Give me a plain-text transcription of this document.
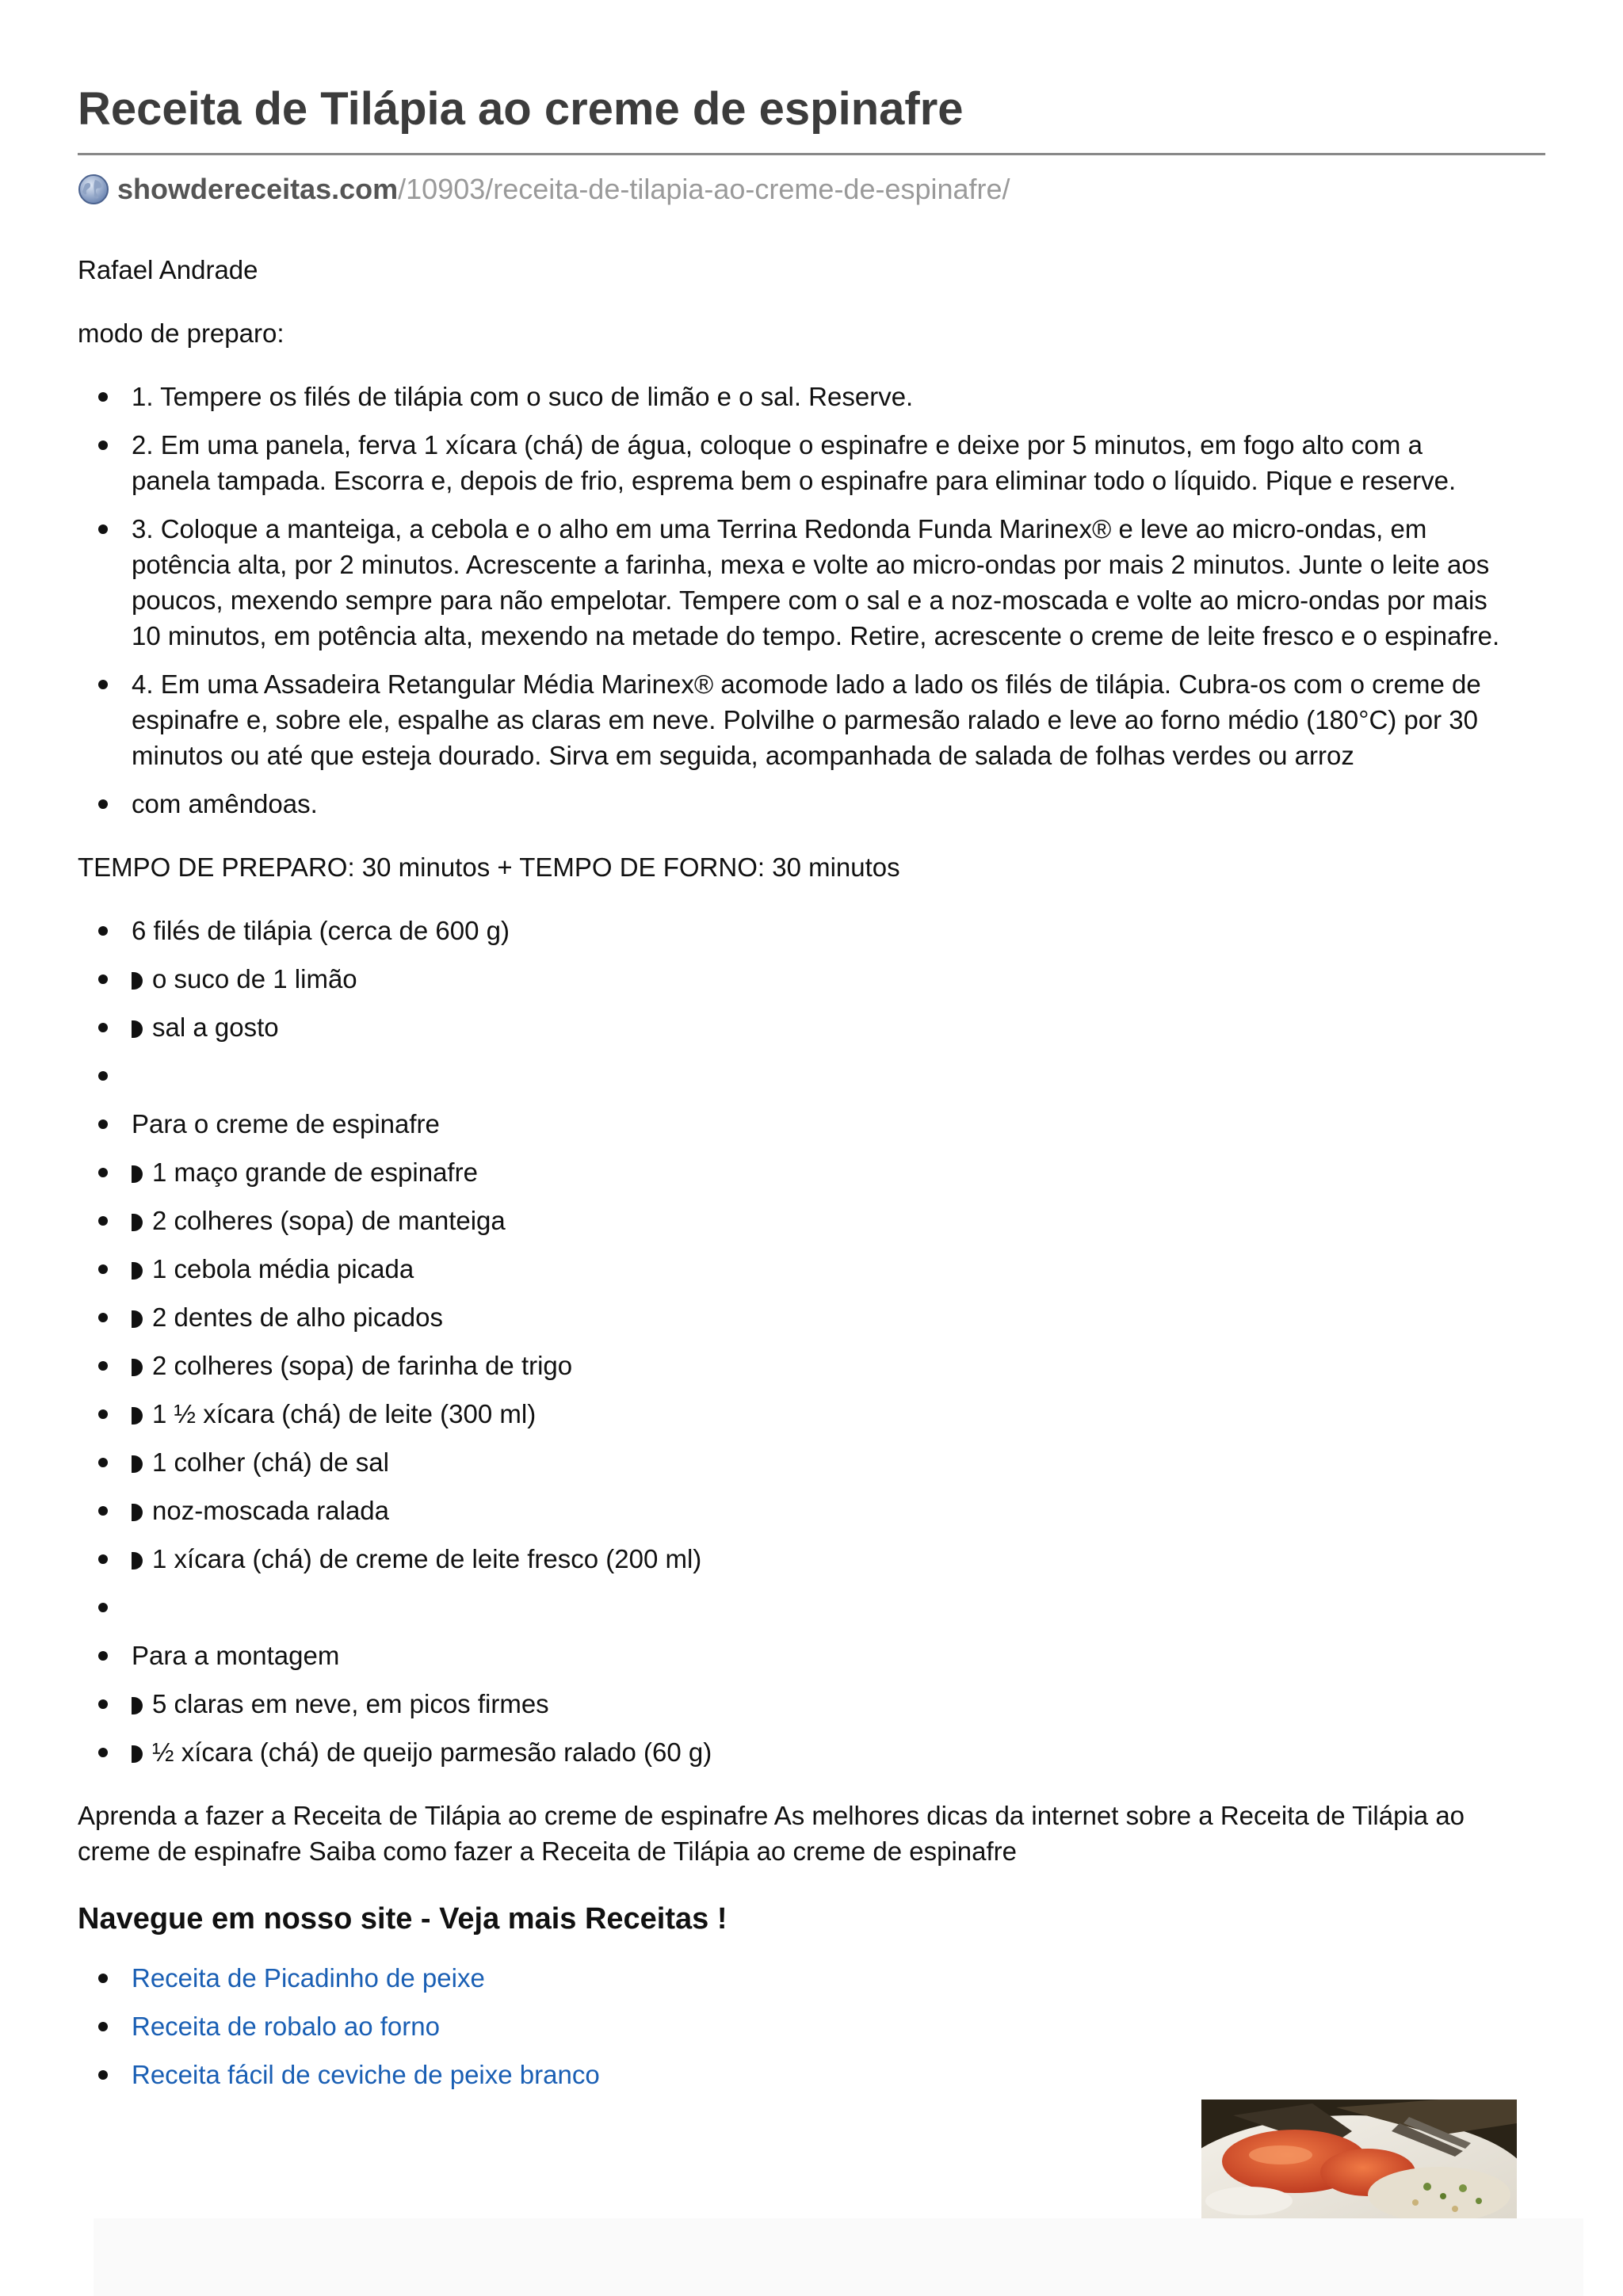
Receita de Tilápia ao creme de espinafre
showdereceitas.com /10903/receita-de-tilapia-ao-creme-de-espinafre/

Rafael Andrade

modo de preparo:

1. Tempere os filés de tilápia com o suco de limão e o sal. Reserve.
2. Em uma panela, ferva 1 xícara (chá) de água, coloque o espinafre e deixe por 5 minutos, em fogo alto com a panela tampada. Escorra e, depois de frio, esprema bem o espinafre para eliminar todo o líquido. Pique e reserve.
3. Coloque a manteiga, a cebola e o alho em uma Terrina Redonda Funda Marinex® e leve ao micro-ondas, em potência alta, por 2 minutos. Acrescente a farinha, mexa e volte ao micro-ondas por mais 2 minutos. Junte o leite aos poucos, mexendo sempre para não empelotar. Tempere com o sal e a noz-moscada e volte ao micro-ondas por mais 10 minutos, em potência alta, mexendo na metade do tempo. Retire, acrescente o creme de leite fresco e o espinafre.
4. Em uma Assadeira Retangular Média Marinex® acomode lado a lado os filés de tilápia. Cubra-os com o creme de espinafre e, sobre ele, espalhe as claras em neve. Polvilhe o parmesão ralado e leve ao forno médio (180°C) por 30 minutos ou até que esteja dourado. Sirva em seguida, acompanhada de salada de folhas verdes ou arroz
com amêndoas.

TEMPO DE PREPARO: 30 minutos + TEMPO DE FORNO: 30 minutos

6 filés de tilápia (cerca de 600 g)
o suco de 1 limão
sal a gosto
Para o creme de espinafre
1 maço grande de espinafre
2 colheres (sopa) de manteiga
1 cebola média picada
2 dentes de alho picados
2 colheres (sopa) de farinha de trigo
1 ½ xícara (chá) de leite (300 ml)
1 colher (chá) de sal
noz-moscada ralada
1 xícara (chá) de creme de leite fresco (200 ml)
Para a montagem
5 claras em neve, em picos firmes
½ xícara (chá) de queijo parmesão ralado (60 g)

Aprenda a fazer a Receita de Tilápia ao creme de espinafre As melhores dicas da internet sobre a Receita de Tilápia ao creme de espinafre Saiba como fazer a Receita de Tilápia ao creme de espinafre

Navegue em nosso site - Veja mais Receitas !
Receita de Picadinho de peixe
Receita de robalo ao forno
Receita fácil de ceviche de peixe branco
